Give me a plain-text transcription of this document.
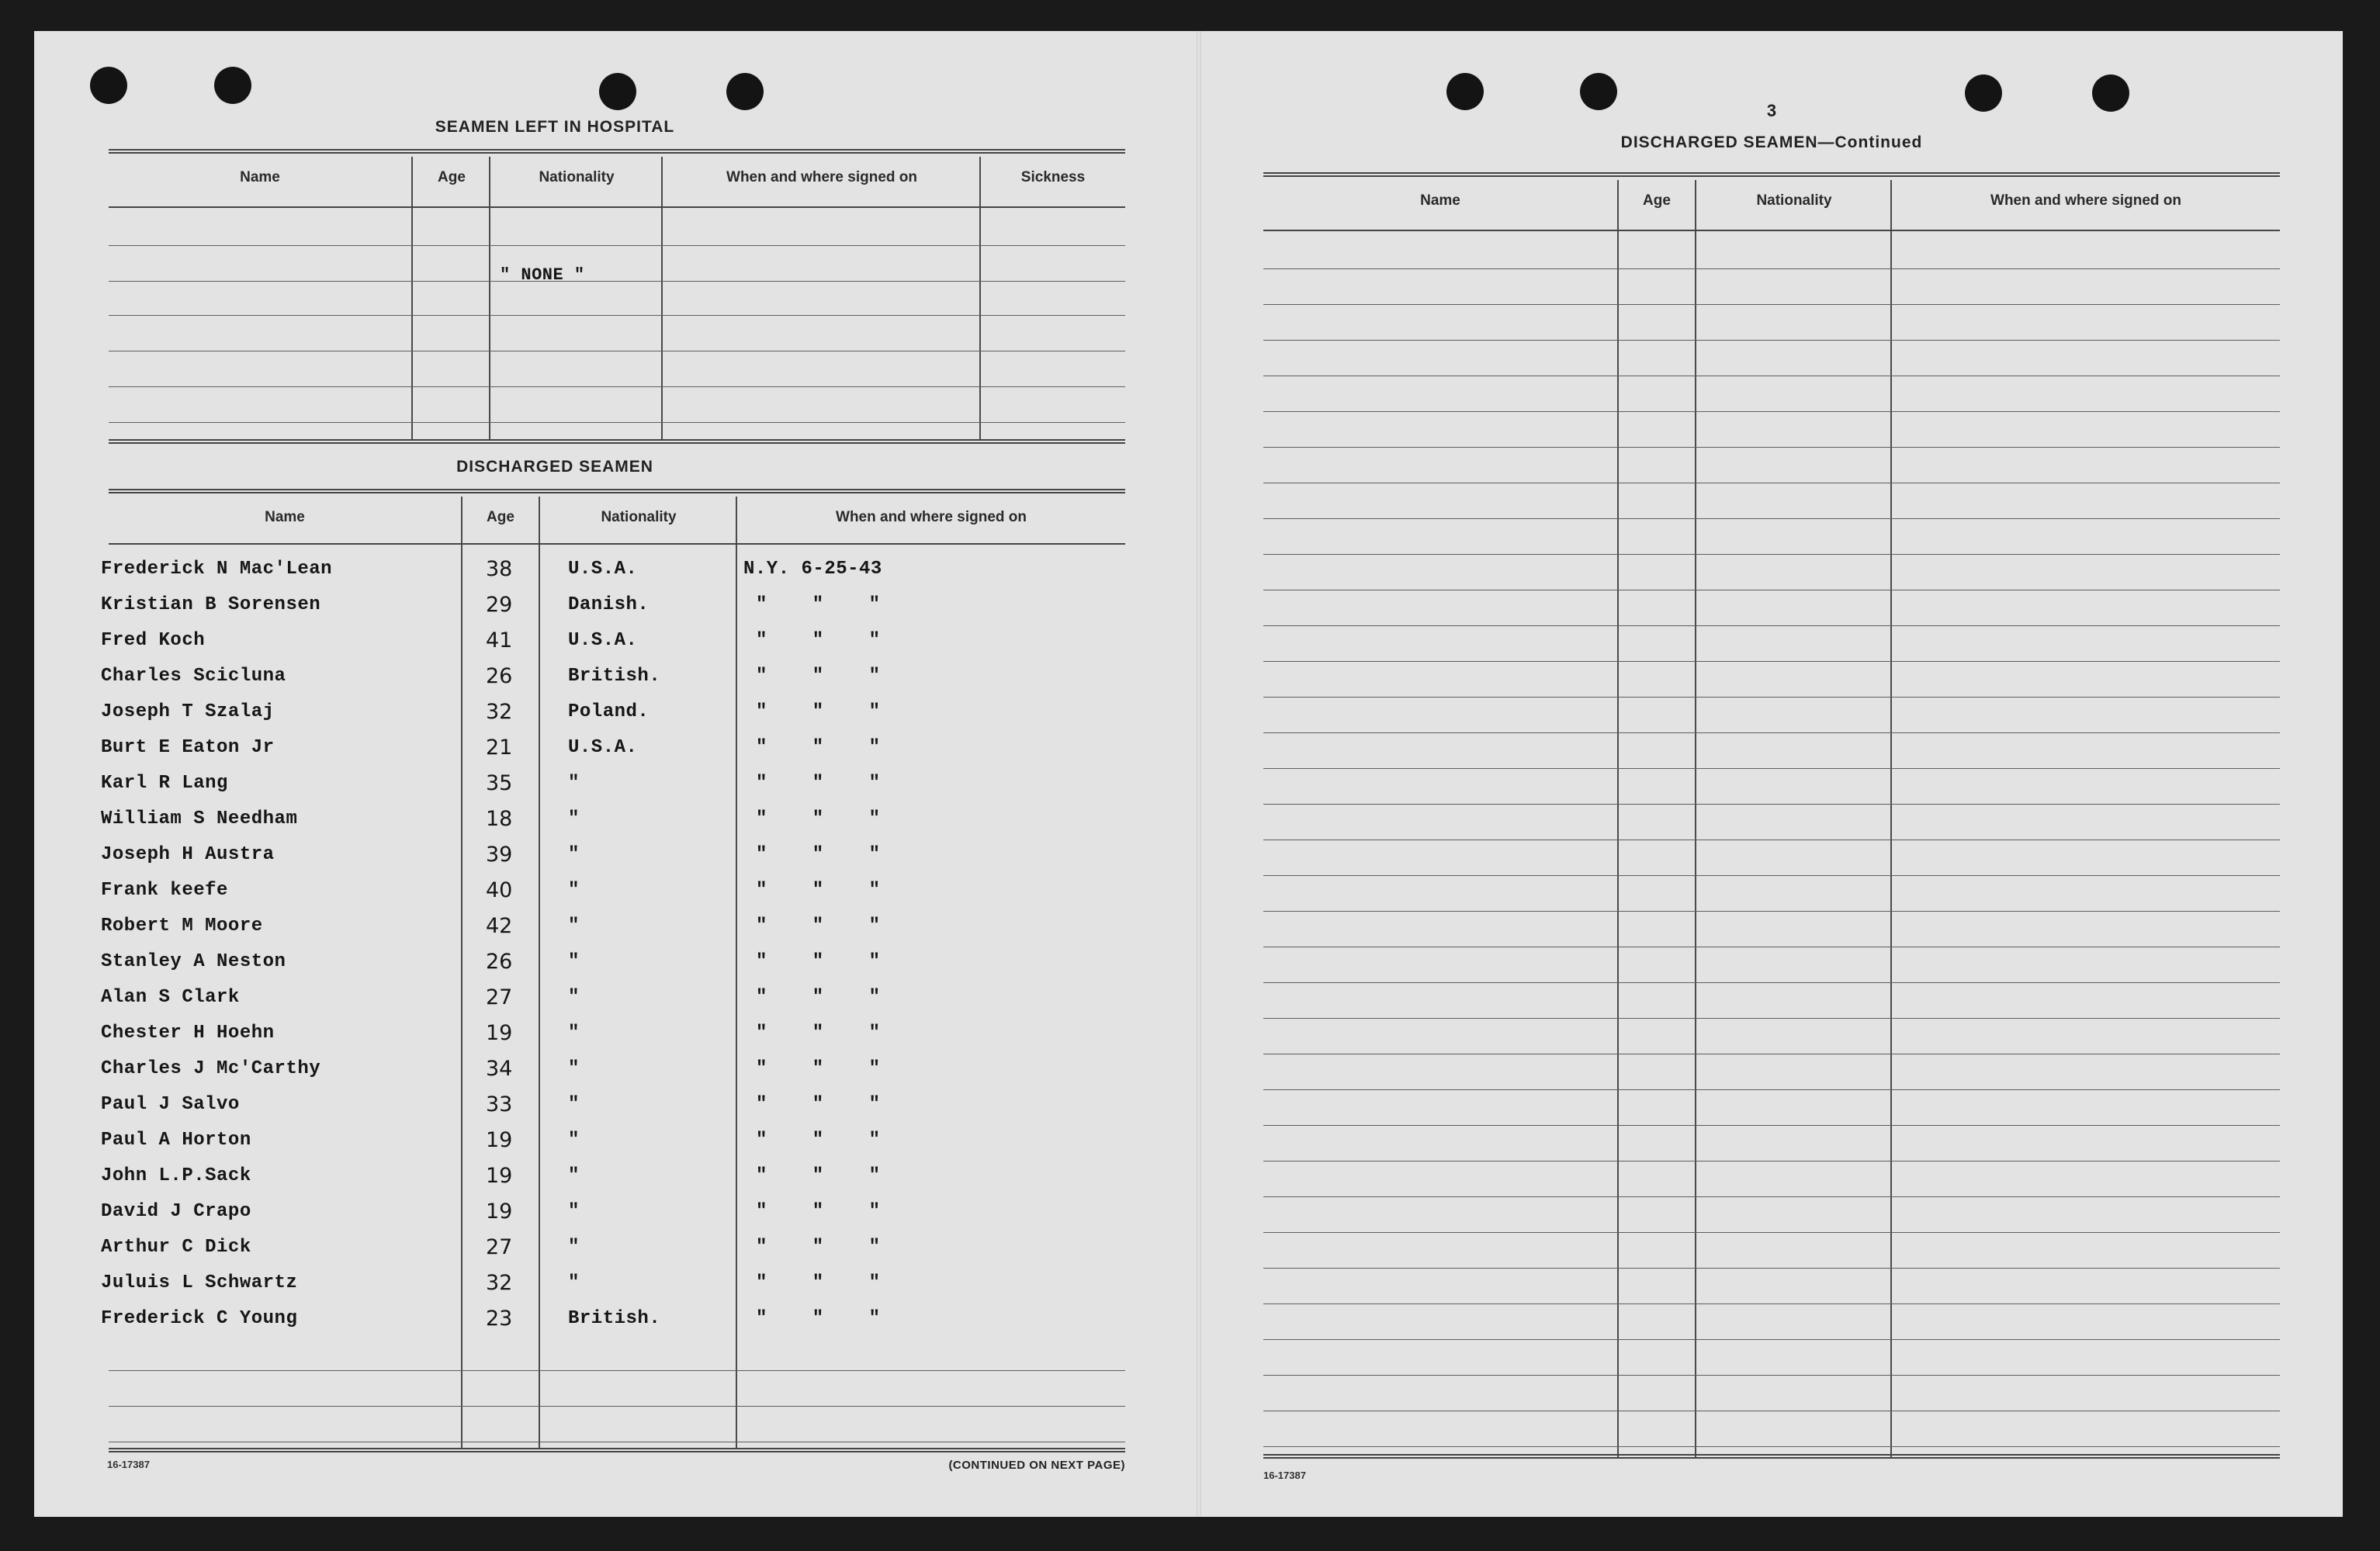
SEAMEN LEFT IN HOSPITAL
Name	Age	Nationality	When and where signed on	Sickness
" NONE "
DISCHARGED SEAMEN
Name	Age	Nationality	When and where signed on
Frederick N Mac'Lean	38	U.S.A.	N.Y. 6-25-43
Kristian B Sorensen	29	Danish.	" " "
Fred Koch	41	U.S.A.	" " "
Charles Scicluna	26	British.	" " "
Joseph T Szalaj	32	Poland.	" " "
Burt E Eaton Jr	21	U.S.A.	" " "
Karl R Lang	35	"	" " "
William S Needham	18	"	" " "
Joseph H Austra	39	"	" " "
Frank keefe	40	"	" " "
Robert M Moore	42	"	" " "
Stanley A Neston	26	"	" " "
Alan S Clark	27	"	" " "
Chester H Hoehn	19	"	" " "
Charles J Mc'Carthy	34	"	" " "
Paul J Salvo	33	"	" " "
Paul A Horton	19	"	" " "
John L.P.Sack	19	"	" " "
David J Crapo	19	"	" " "
Arthur C Dick	27	"	" " "
Juluis L Schwartz	32	"	" " "
Frederick C Young	23	British.	" " "
16-17387	(CONTINUED ON NEXT PAGE)
3
DISCHARGED SEAMEN—Continued
Name	Age	Nationality	When and where signed on
16-17387
